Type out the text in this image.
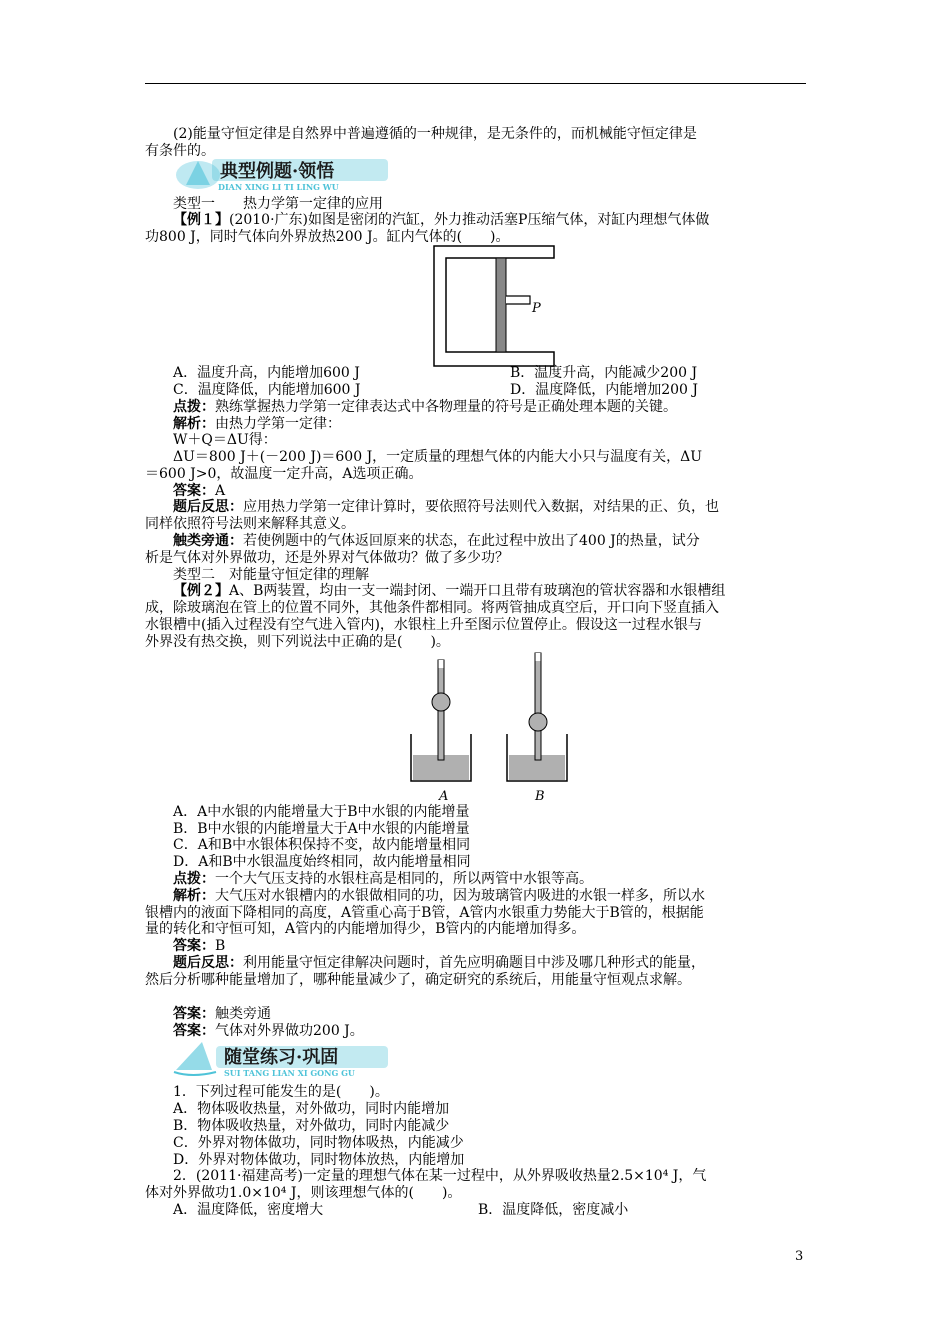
(2)能量守恒定律是自然界中普遍遵循的一种规律，是无条件的，而机械能守恒定律是
有条件的。
典型例题·领悟
DIAN XING LI TI LING WU
类型一　　热力学第一定律的应用
【例１】(2010·广东)如图是密闭的汽缸，外力推动活塞P压缩气体，对缸内理想气体做
功800 J，同时气体向外界放热200 J。缸内气体的(　　)。
P
A．温度升高，内能增加600 J	B．温度升高，内能减少200 J
C．温度降低，内能增加600 J	D．温度降低，内能增加200 J
点拨：熟练掌握热力学第一定律表达式中各物理量的符号是正确处理本题的关键。
解析：由热力学第一定律：
W＋Q＝ΔU得：
ΔU＝800 J＋(－200 J)＝600 J，一定质量的理想气体的内能大小只与温度有关，ΔU
＝600 J>0，故温度一定升高，A选项正确。
答案：A
题后反思：应用热力学第一定律计算时，要依照符号法则代入数据，对结果的正、负，也
同样依照符号法则来解释其意义。
触类旁通：若使例题中的气体返回原来的状态，在此过程中放出了400 J的热量，试分
析是气体对外界做功，还是外界对气体做功？做了多少功？
类型二　对能量守恒定律的理解
【例２】A、B两装置，均由一支一端封闭、一端开口且带有玻璃泡的管状容器和水银槽组
成，除玻璃泡在管上的位置不同外，其他条件都相同。将两管抽成真空后，开口向下竖直插入
水银槽中(插入过程没有空气进入管内)，水银柱上升至图示位置停止。假设这一过程水银与
外界没有热交换，则下列说法中正确的是(　　)。
A	B
A．A中水银的内能增量大于B中水银的内能增量
B．B中水银的内能增量大于A中水银的内能增量
C．A和B中水银体积保持不变，故内能增量相同
D．A和B中水银温度始终相同，故内能增量相同
点拨：一个大气压支持的水银柱高是相同的，所以两管中水银等高。
解析：大气压对水银槽内的水银做相同的功，因为玻璃管内吸进的水银一样多，所以水
银槽内的液面下降相同的高度，A管重心高于B管，A管内水银重力势能大于B管的，根据能
量的转化和守恒可知，A管内的内能增加得少，B管内的内能增加得多。
答案：B
题后反思：利用能量守恒定律解决问题时，首先应明确题目中涉及哪几种形式的能量，
然后分析哪种能量增加了，哪种能量减少了，确定研究的系统后，用能量守恒观点求解。
答案：触类旁通
答案：气体对外界做功200 J。
随堂练习·巩固
SUI TANG LIAN XI GONG GU
1．下列过程可能发生的是(　　)。
A．物体吸收热量，对外做功，同时内能增加
B．物体吸收热量，对外做功，同时内能减少
C．外界对物体做功，同时物体吸热，内能减少
D．外界对物体做功，同时物体放热，内能增加
2．(2011·福建高考)一定量的理想气体在某一过程中，从外界吸收热量2.5×10⁴ J，气
体对外界做功1.0×10⁴ J，则该理想气体的(　　)。
A．温度降低，密度增大	B．温度降低，密度减小
3
